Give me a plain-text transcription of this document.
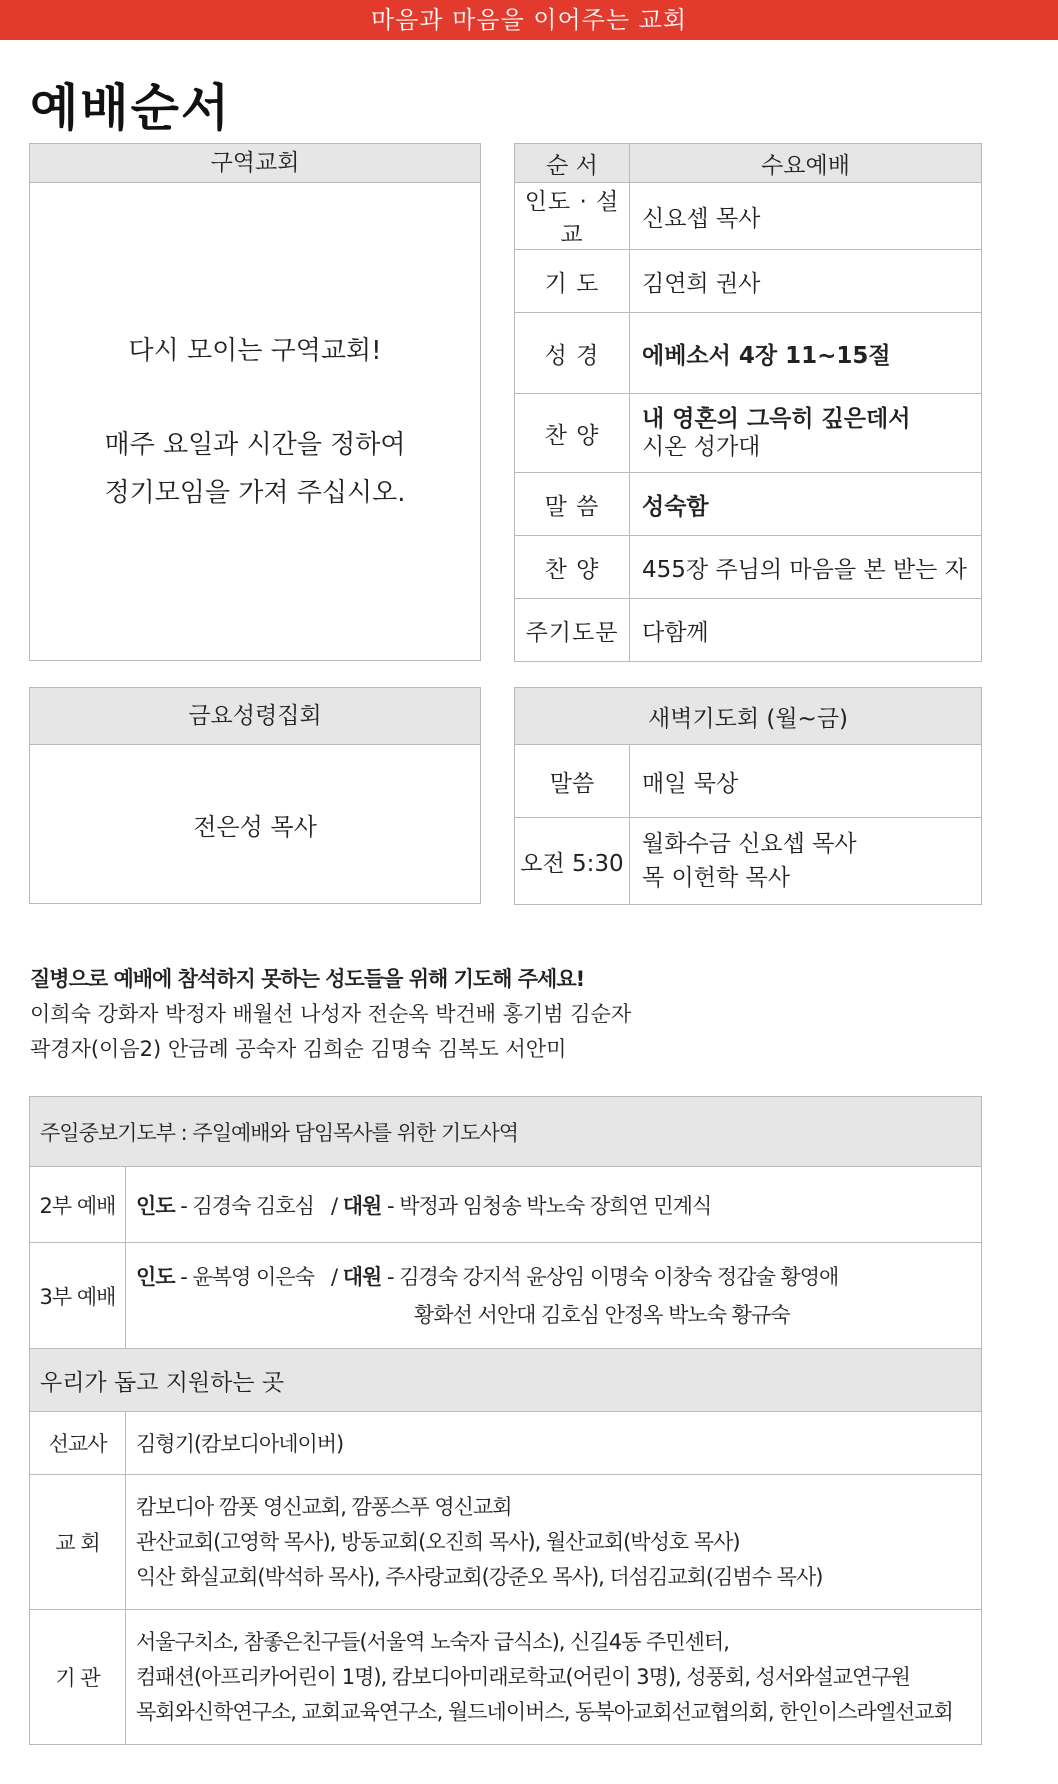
마음과 마음을 이어주는 교회
예배순서
구역교회
다시 모이는 구역교회!
매주 요일과 시간을 정하여
정기모임을 가져 주십시오.
순 서	수요예배
인도 · 설교	신요셉 목사
기 도	김연희 권사
성 경	에베소서 4장 11~15절
찬 양	내 영혼의 그윽히 깊은데서
시온 성가대

말 씀	성숙함
찬 양	455장 주님의 마음을 본 받는 자
주기도문	다함께
금요성령집회
전은성 목사
새벽기도회 (월~금)	
말씀	매일 묵상
오전 5:30	월화수금 신요셉 목사
목 이헌학 목사
질병으로 예배에 참석하지 못하는 성도들을 위해 기도해 주세요!
이희숙 강화자 박정자 배월선 나성자 전순옥 박건배 홍기범 김순자
곽경자(이음2) 안금례 공숙자 김희순 김명숙 김복도 서안미
주일중보기도부 : 주일예배와 담임목사를 위한 기도사역	
2부 예배	인도 - 김경숙 김호심 / 대원 - 박정과 임청송 박노숙 장희연 민계식
3부 예배	인도 - 윤복영 이은숙 / 대원 - 김경숙 강지석 윤상임 이명숙 이창숙 정갑술 황영애
황화선 서안대 김호심 안정옥 박노숙 황규숙

우리가 돕고 지원하는 곳	
선교사	김형기(캄보디아네이버)
교 회	캄보디아 깜폿 영신교회, 깜퐁스푸 영신교회
관산교회(고영학 목사), 방동교회(오진희 목사), 월산교회(박성호 목사)
익산 화실교회(박석하 목사), 주사랑교회(강준오 목사), 더섬김교회(김범수 목사)

기 관	서울구치소, 참좋은친구들(서울역 노숙자 급식소), 신길4동 주민센터,
컴패션(아프리카어린이 1명), 캄보디아미래로학교(어린이 3명), 성풍회, 성서와설교연구원
목회와신학연구소, 교회교육연구소, 월드네이버스, 동북아교회선교협의회, 한인이스라엘선교회
